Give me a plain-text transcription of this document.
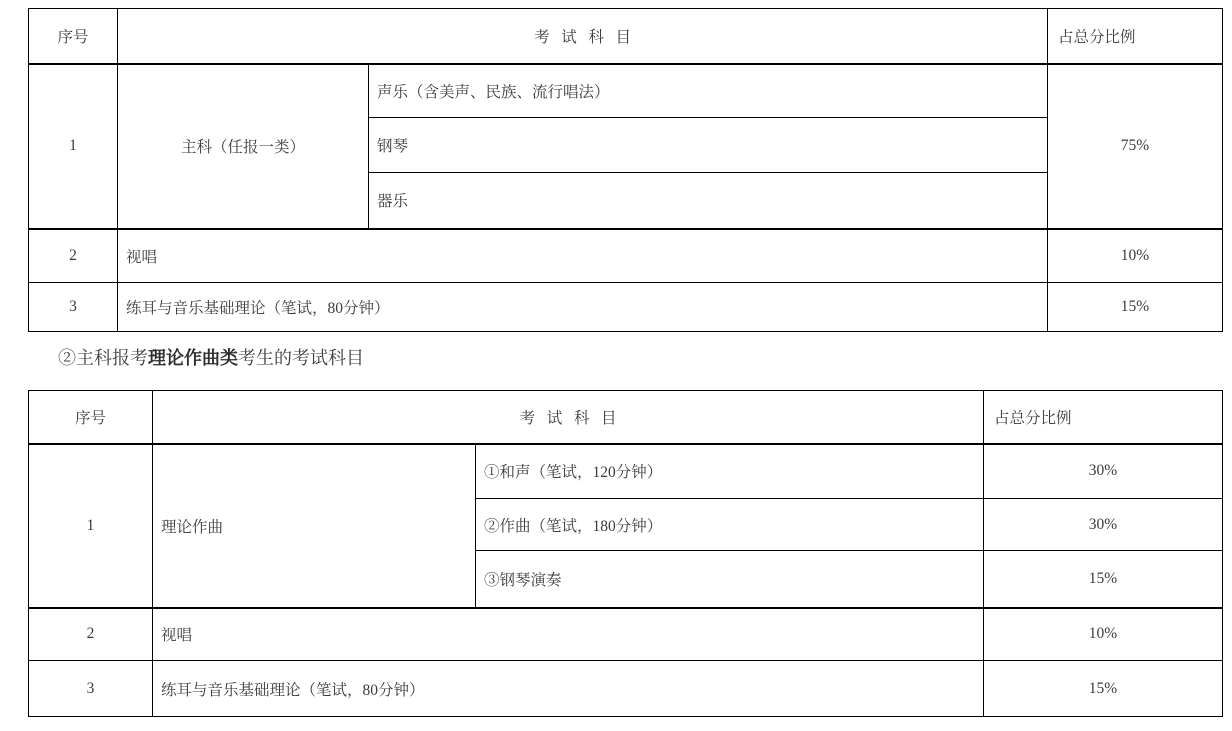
序号	考试科目		占总分比例
1	主科（任报一类）	声乐（含美声、民族、流行唱法）	75%
		钢琴	
		器乐	
2	视唱		10%
3	练耳与音乐基础理论（笔试，80分钟）		15%
②主科报考理论作曲类考生的考试科目
序号	考试科目		占总分比例
1	理论作曲	①和声（笔试，120分钟）	30%
		②作曲（笔试，180分钟）	30%
		③钢琴演奏	15%
2	视唱		10%
3	练耳与音乐基础理论（笔试，80分钟）		15%
